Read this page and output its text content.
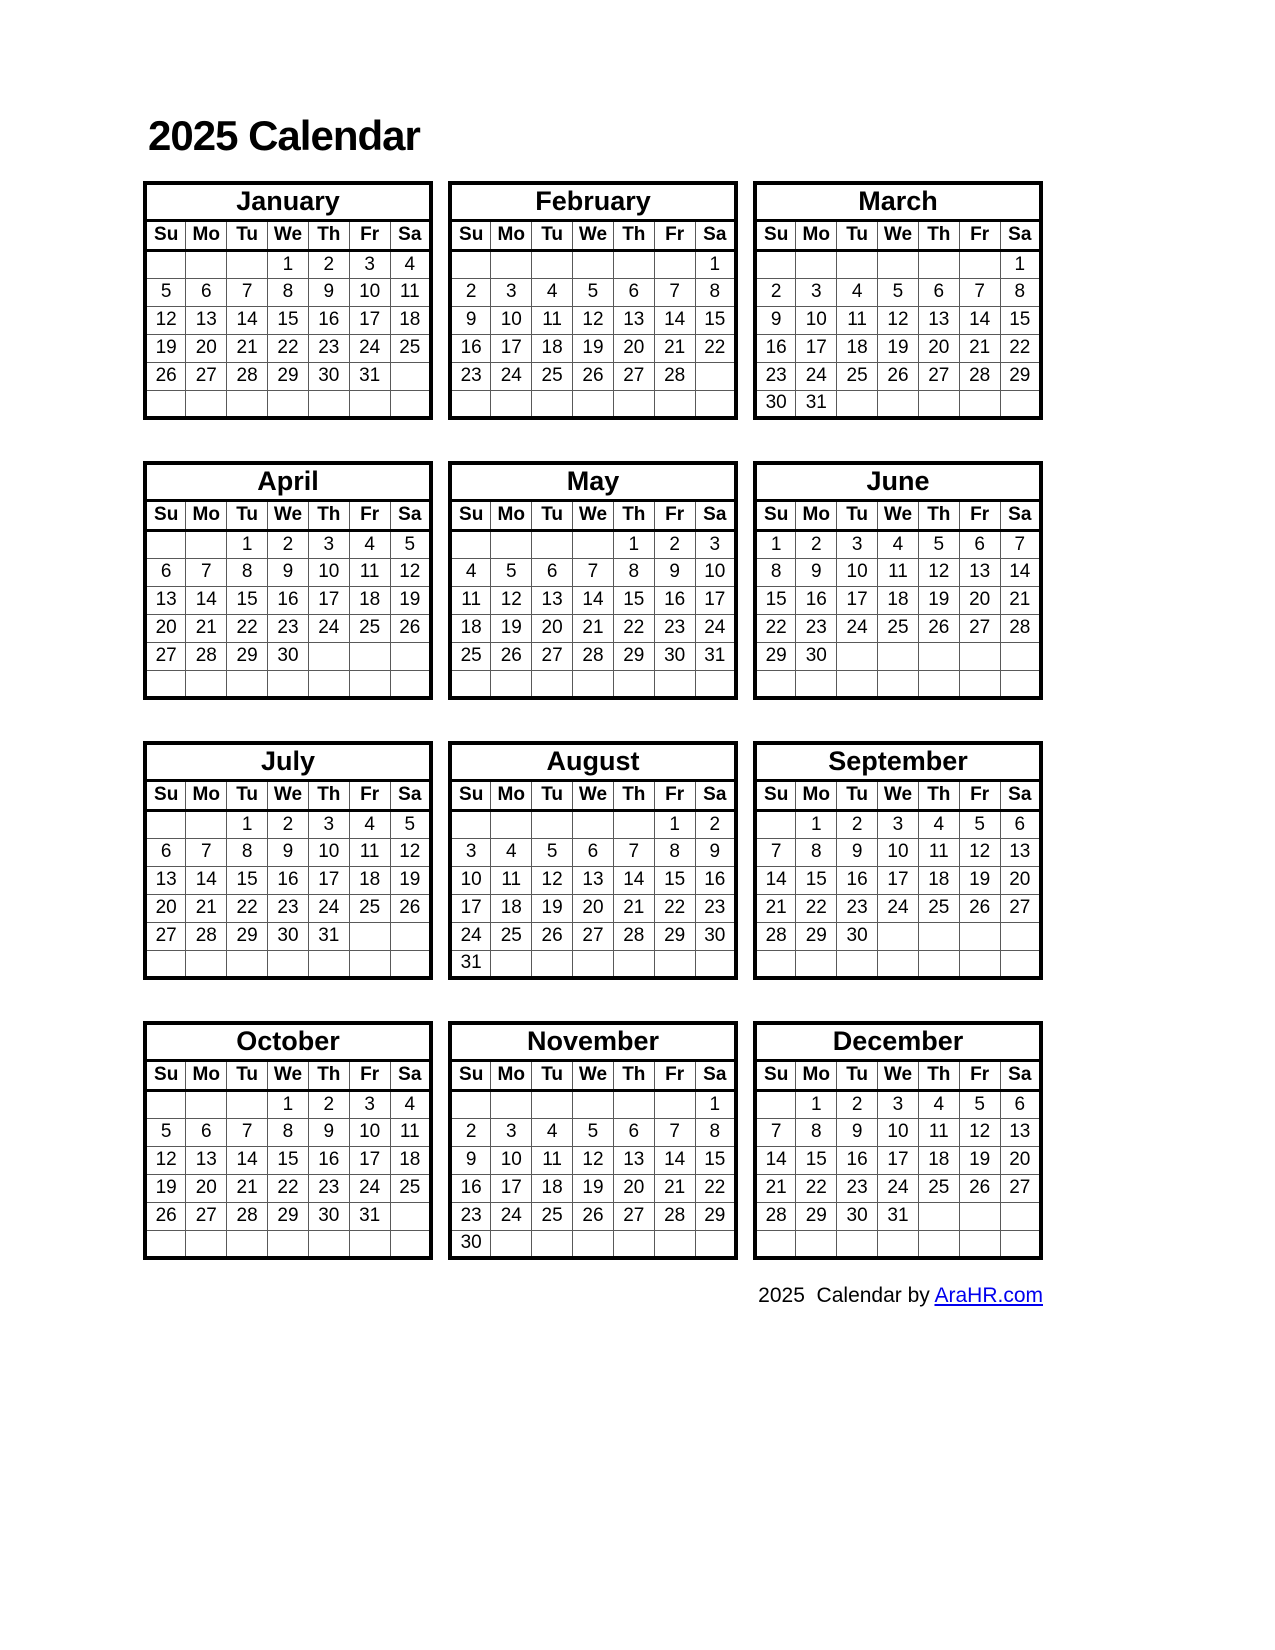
2025 Calendar
January						
Su	Mo	Tu	We	Th	Fr	Sa
			1	2	3	4
5	6	7	8	9	10	11
12	13	14	15	16	17	18
19	20	21	22	23	24	25
26	27	28	29	30	31	

February						
Su	Mo	Tu	We	Th	Fr	Sa
						1
2	3	4	5	6	7	8
9	10	11	12	13	14	15
16	17	18	19	20	21	22
23	24	25	26	27	28	

March						
Su	Mo	Tu	We	Th	Fr	Sa
						1
2	3	4	5	6	7	8
9	10	11	12	13	14	15
16	17	18	19	20	21	22
23	24	25	26	27	28	29
30	31					
April						
Su	Mo	Tu	We	Th	Fr	Sa
		1	2	3	4	5
6	7	8	9	10	11	12
13	14	15	16	17	18	19
20	21	22	23	24	25	26
27	28	29	30			

May						
Su	Mo	Tu	We	Th	Fr	Sa
				1	2	3
4	5	6	7	8	9	10
11	12	13	14	15	16	17
18	19	20	21	22	23	24
25	26	27	28	29	30	31

June						
Su	Mo	Tu	We	Th	Fr	Sa
1	2	3	4	5	6	7
8	9	10	11	12	13	14
15	16	17	18	19	20	21
22	23	24	25	26	27	28
29	30					

July						
Su	Mo	Tu	We	Th	Fr	Sa
		1	2	3	4	5
6	7	8	9	10	11	12
13	14	15	16	17	18	19
20	21	22	23	24	25	26
27	28	29	30	31		

August						
Su	Mo	Tu	We	Th	Fr	Sa
					1	2
3	4	5	6	7	8	9
10	11	12	13	14	15	16
17	18	19	20	21	22	23
24	25	26	27	28	29	30
31						
September						
Su	Mo	Tu	We	Th	Fr	Sa
	1	2	3	4	5	6
7	8	9	10	11	12	13
14	15	16	17	18	19	20
21	22	23	24	25	26	27
28	29	30				

October						
Su	Mo	Tu	We	Th	Fr	Sa
			1	2	3	4
5	6	7	8	9	10	11
12	13	14	15	16	17	18
19	20	21	22	23	24	25
26	27	28	29	30	31	

November						
Su	Mo	Tu	We	Th	Fr	Sa
						1
2	3	4	5	6	7	8
9	10	11	12	13	14	15
16	17	18	19	20	21	22
23	24	25	26	27	28	29
30						
December						
Su	Mo	Tu	We	Th	Fr	Sa
	1	2	3	4	5	6
7	8	9	10	11	12	13
14	15	16	17	18	19	20
21	22	23	24	25	26	27
28	29	30	31			

2025  Calendar by AraHR.com
